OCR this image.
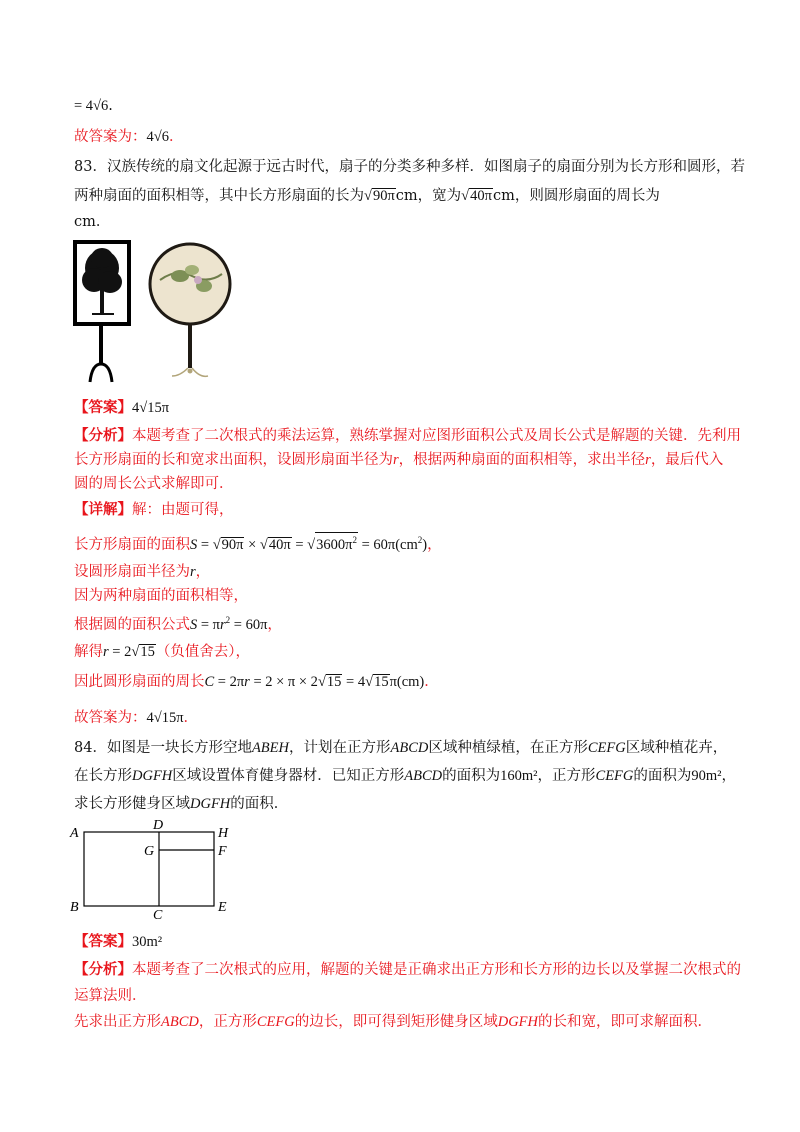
= 4√6.
故答案为：4√6．
83．汉族传统的扇文化起源于远古时代，扇子的分类多种多样．如图扇子的扇面分别为长方形和圆形，若
两种扇面的面积相等，其中长方形扇面的长为√90πcm，宽为√40πcm，则圆形扇面的周长为
cm．
【答案】4√15π
【分析】本题考查了二次根式的乘法运算，熟练掌握对应图形面积公式及周长公式是解题的关键．先利用
长方形扇面的长和宽求出面积，设圆形扇面半径为r，根据两种扇面的面积相等，求出半径r，最后代入
圆的周长公式求解即可．
【详解】解：由题可得，
长方形扇面的面积$S = √90\pi \times √40\pi = √3600\pi^2 = 60\pi(cm^2)$，
设圆形扇面半径为r，
因为两种扇面的面积相等，
根据圆的面积公式$S = \pi r^2 = 60\pi$，
解得r = 2√15（负值舍去），
因此圆形扇面的周长C = 2πr = 2 × π × 2√15 = 4√15π(cm)．
故答案为：4√15π．
84．如图是一块长方形空地ABEH，计划在正方形ABCD区域种植绿植，在正方形CEFG区域种植花卉，
在长方形DGFH区域设置体育健身器材．已知正方形ABCD的面积为160m²，正方形CEFG的面积为90m²，
求长方形健身区域DGFH的面积．
A
D
H
G	F
B
C
E
【答案】30m²
【分析】本题考查了二次根式的应用，解题的关键是正确求出正方形和长方形的边长以及掌握二次根式的
运算法则．
先求出正方形ABCD，正方形CEFG的边长，即可得到矩形健身区域DGFH的长和宽，即可求解面积．
